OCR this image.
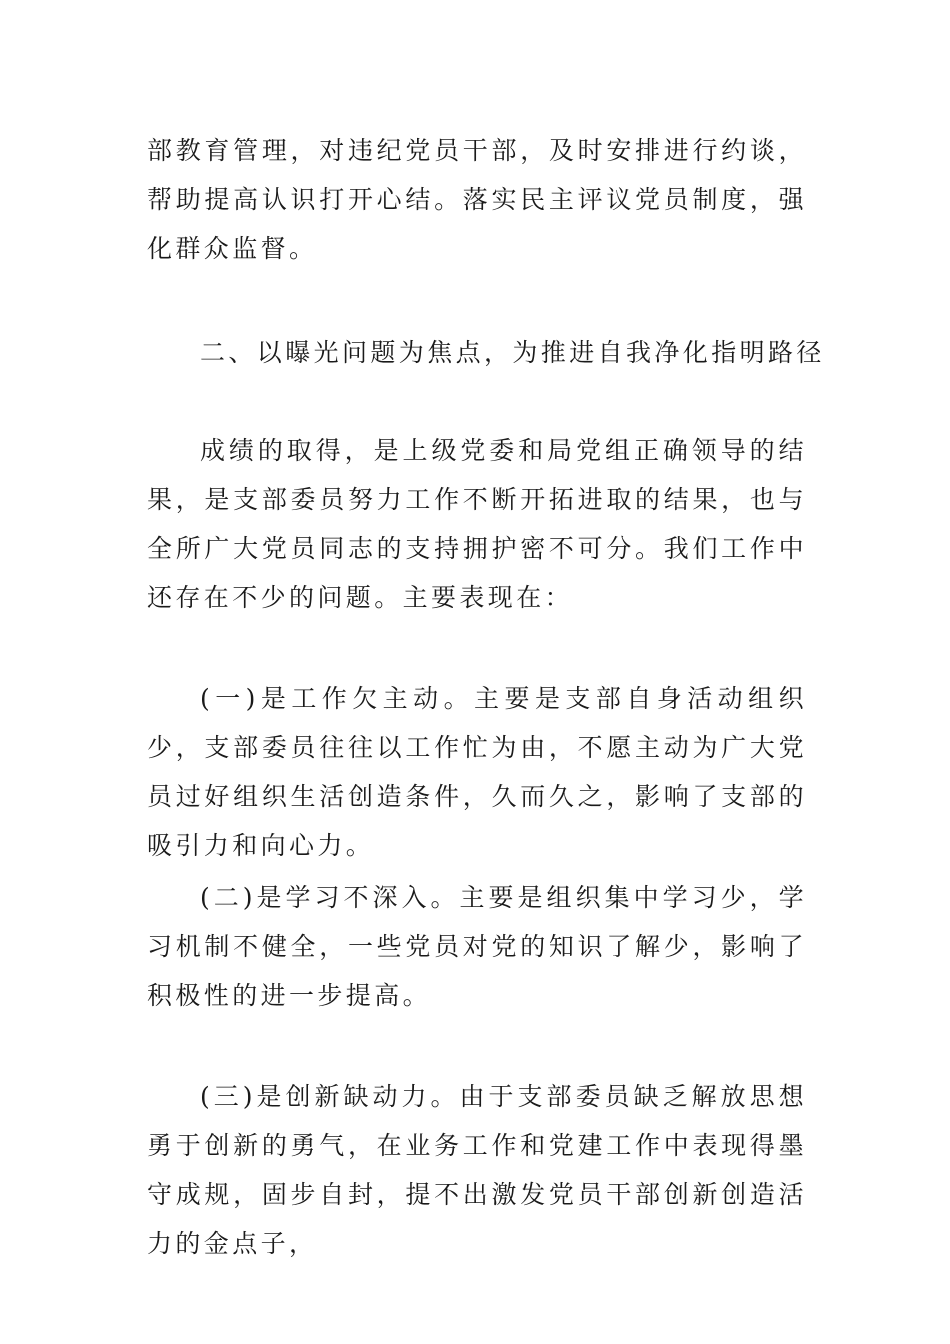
部教育管理，对违纪党员干部，及时安排进行约谈，帮助提高认识打开心结。落实民主评议党员制度，强化群众监督。

二、以曝光问题为焦点，为推进自我净化指明路径

成绩的取得，是上级党委和局党组正确领导的结果，是支部委员努力工作不断开拓进取的结果，也与全所广大党员同志的支持拥护密不可分。我们工作中还存在不少的问题。主要表现在：

(一)是工作欠主动。主要是支部自身活动组织少，支部委员往往以工作忙为由，不愿主动为广大党员过好组织生活创造条件，久而久之，影响了支部的吸引力和向心力。

(二)是学习不深入。主要是组织集中学习少，学习机制不健全，一些党员对党的知识了解少，影响了积极性的进一步提高。

(三)是创新缺动力。由于支部委员缺乏解放思想勇于创新的勇气，在业务工作和党建工作中表现得墨守成规，固步自封，提不出激发党员干部创新创造活力的金点子，
